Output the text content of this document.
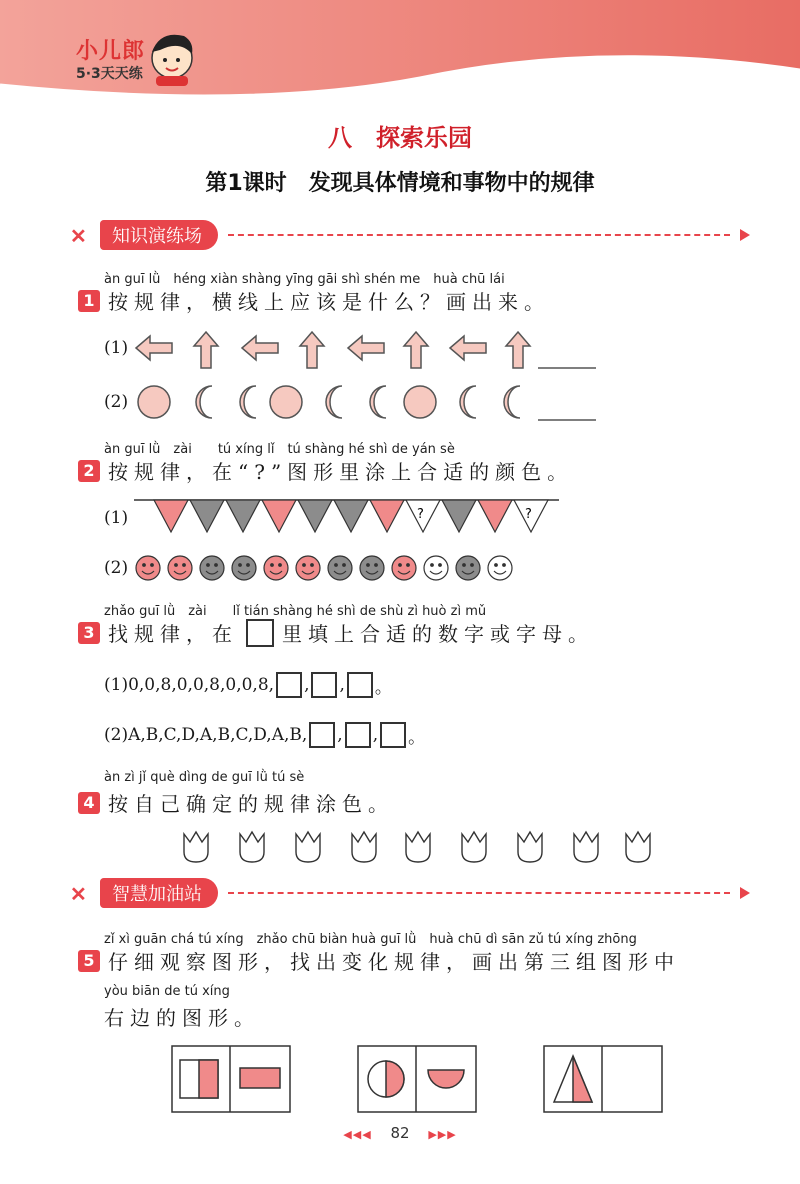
小儿郎
5·3天天练
八　探索乐园
第1课时　发现具体情境和事物中的规律
✕	知识演练场
àn guī lǜ　héng xiàn shàng yīng gāi shì shén me　huà chū lái
1 按规律，横线上应该是什么？画出来。
(1)
(2)
àn guī lǜ　zài　　tú xíng lǐ　tú shàng hé shì de yán sè
2 按规律，在“?”图形里涂上合适的颜色。
(1)	?	?
(2)
zhǎo guī lǜ　zài　　lǐ tián shàng hé shì de shù zì huò zì mǔ
3 找规律，在 里填上合适的数字或字母。
(1)0,0,8,0,0,8,0,0,8, , , 。
(2)A,B,C,D,A,B,C,D,A,B, , , 。
àn zì jǐ què dìng de guī lǜ tú sè
4 按自己确定的规律涂色。
✕	智慧加油站
zǐ xì guān chá tú xíng　zhǎo chū biàn huà guī lǜ　huà chū dì sān zǔ tú xíng zhōng
5 仔细观察图形，找出变化规律，画出第三组图形中
yòu biān de tú xíng
右边的图形。
◀◀◀ 82 ▶▶▶
